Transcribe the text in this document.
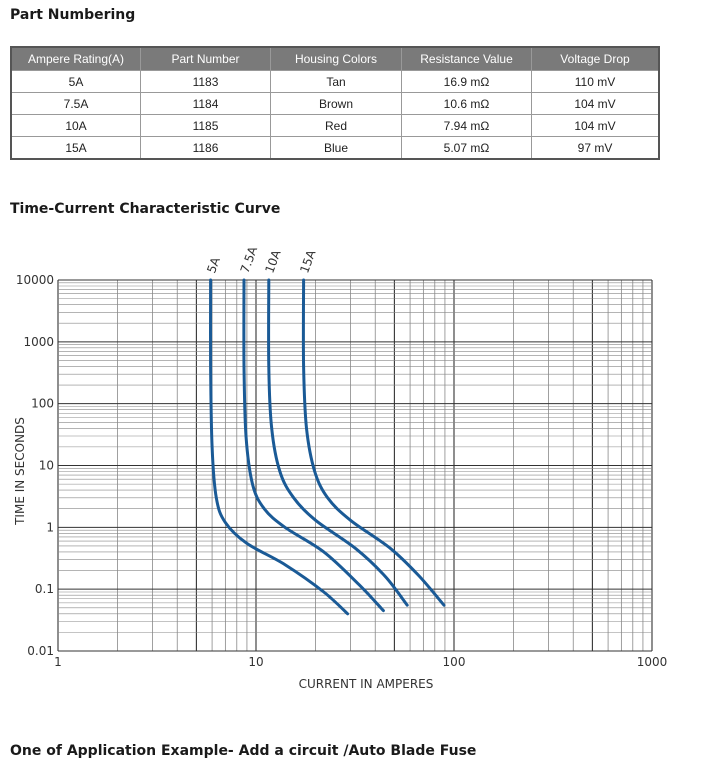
Part Numbering
Ampere Rating(A)	Part Number	Housing Colors	Resistance Value	Voltage Drop
5A	1183	Tan	16.9 mΩ	110 mV
7.5A	1184	Brown	10.6 mΩ	104 mV
10A	1185	Red	7.94 mΩ	104 mV
15A	1186	Blue	5.07 mΩ	97 mV
Time-Current Characteristic Curve
1	10	100	1000
0.01
0.1
1
10
100
1000
10000
5A 7.5A 10A 15A
CURRENT IN AMPERES
TIME IN SECONDS
One of Application Example- Add a circuit /Auto Blade Fuse
